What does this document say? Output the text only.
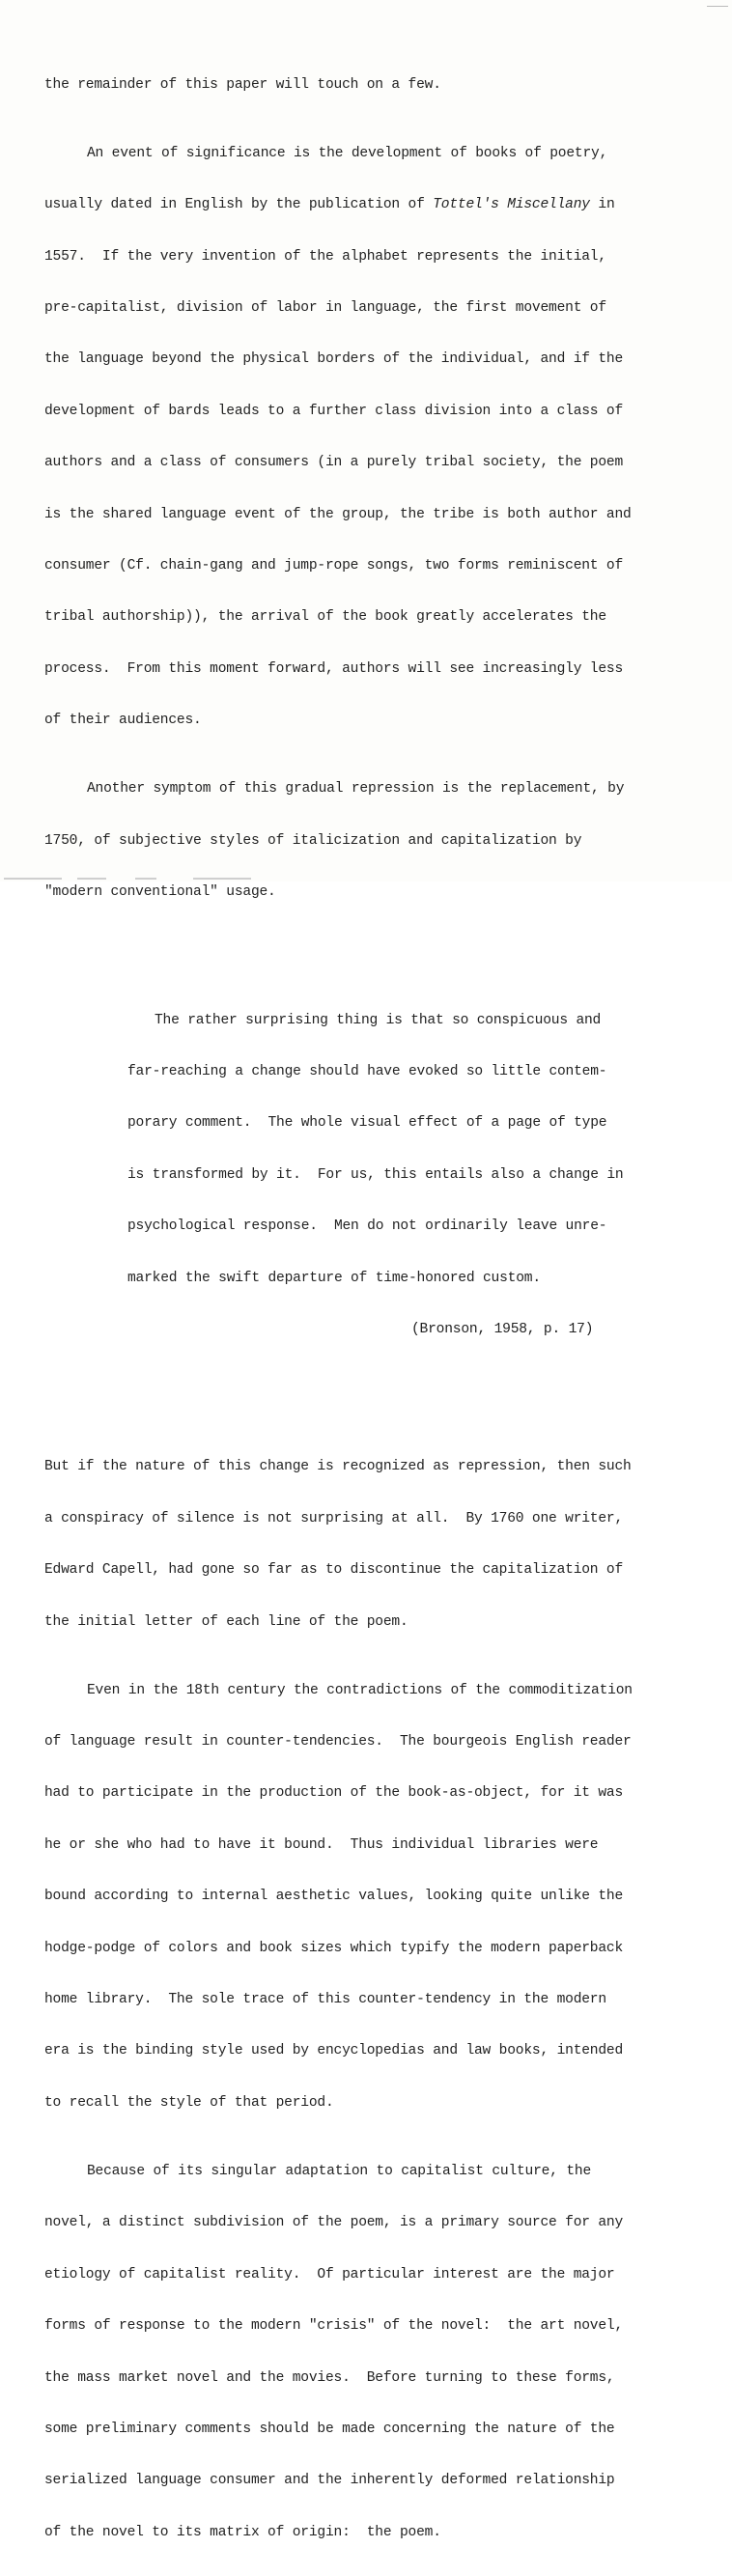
the remainder of this paper will touch on a few.

An event of significance is the development of books of poetry,

usually dated in English by the publication of Tottel's Miscellany in

1557.  If the very invention of the alphabet represents the initial,

pre-capitalist, division of labor in language, the first movement of

the language beyond the physical borders of the individual, and if the

development of bards leads to a further class division into a class of

authors and a class of consumers (in a purely tribal society, the poem

is the shared language event of the group, the tribe is both author and

consumer (Cf. chain-gang and jump-rope songs, two forms reminiscent of

tribal authorship)), the arrival of the book greatly accelerates the

process.  From this moment forward, authors will see increasingly less

of their audiences.

Another symptom of this gradual repression is the replacement, by

1750, of subjective styles of italicization and capitalization by

"modern conventional" usage.

The rather surprising thing is that so conspicuous and

far-reaching a change should have evoked so little contem-

porary comment.  The whole visual effect of a page of type

is transformed by it.  For us, this entails also a change in

psychological response.  Men do not ordinarily leave unre-

marked the swift departure of time-honored custom.

(Bronson, 1958, p. 17)

But if the nature of this change is recognized as repression, then such

a conspiracy of silence is not surprising at all.  By 1760 one writer,

Edward Capell, had gone so far as to discontinue the capitalization of

the initial letter of each line of the poem.

Even in the 18th century the contradictions of the commoditization

of language result in counter-tendencies.  The bourgeois English reader

had to participate in the production of the book-as-object, for it was

he or she who had to have it bound.  Thus individual libraries were

bound according to internal aesthetic values, looking quite unlike the

hodge-podge of colors and book sizes which typify the modern paperback

home library.  The sole trace of this counter-tendency in the modern

era is the binding style used by encyclopedias and law books, intended

to recall the style of that period.

Because of its singular adaptation to capitalist culture, the

novel, a distinct subdivision of the poem, is a primary source for any

etiology of capitalist reality.  Of particular interest are the major

forms of response to the modern "crisis" of the novel:  the art novel,

the mass market novel and the movies.  Before turning to these forms,

some preliminary comments should be made concerning the nature of the

serialized language consumer and the inherently deformed relationship

of the novel to its matrix of origin:  the poem.
